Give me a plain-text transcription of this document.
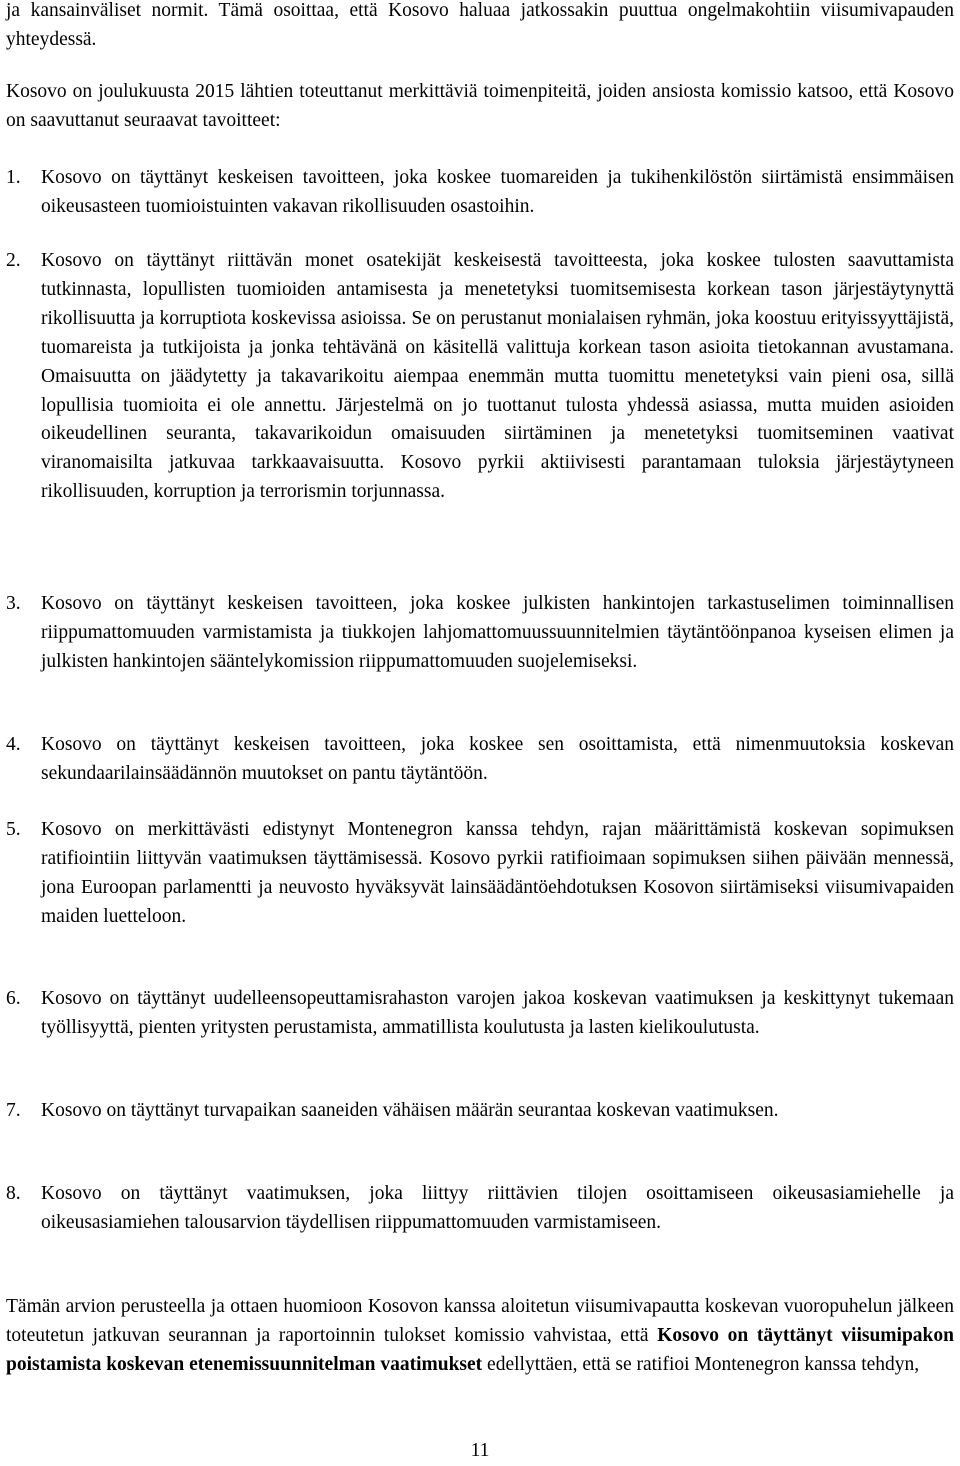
ja kansainväliset normit. Tämä osoittaa, että Kosovo haluaa jatkossakin puuttua ongelmakohtiin viisumivapauden yhteydessä.

Kosovo on joulukuusta 2015 lähtien toteuttanut merkittäviä toimenpiteitä, joiden ansiosta komissio katsoo, että Kosovo on saavuttanut seuraavat tavoitteet:

1.	Kosovo on täyttänyt keskeisen tavoitteen, joka koskee tuomareiden ja tukihenkilöstön siirtämistä ensimmäisen oikeusasteen tuomioistuinten vakavan rikollisuuden osastoihin.
2.	Kosovo on täyttänyt riittävän monet osatekijät keskeisestä tavoitteesta, joka koskee tulosten saavuttamista tutkinnasta, lopullisten tuomioiden antamisesta ja menetetyksi tuomitsemisesta korkean tason järjestäytynyttä rikollisuutta ja korruptiota koskevissa asioissa. Se on perustanut monialaisen ryhmän, joka koostuu erityissyyttäjistä, tuomareista ja tutkijoista ja jonka tehtävänä on käsitellä valittuja korkean tason asioita tietokannan avustamana. Omaisuutta on jäädytetty ja takavarikoitu aiempaa enemmän mutta tuomittu menetetyksi vain pieni osa, sillä lopullisia tuomioita ei ole annettu. Järjestelmä on jo tuottanut tulosta yhdessä asiassa, mutta muiden asioiden oikeudellinen seuranta, takavarikoidun omaisuuden siirtäminen ja menetetyksi tuomitseminen vaativat viranomaisilta jatkuvaa tarkkaavaisuutta. Kosovo pyrkii aktiivisesti parantamaan tuloksia järjestäytyneen rikollisuuden, korruption ja terrorismin torjunnassa.
3.	Kosovo on täyttänyt keskeisen tavoitteen, joka koskee julkisten hankintojen tarkastuselimen toiminnallisen riippumattomuuden varmistamista ja tiukkojen lahjomattomuussuunnitelmien täytäntöönpanoa kyseisen elimen ja julkisten hankintojen sääntelykomission riippumattomuuden suojelemiseksi.
4.	Kosovo on täyttänyt keskeisen tavoitteen, joka koskee sen osoittamista, että nimenmuutoksia koskevan sekundaarilainsäädännön muutokset on pantu täytäntöön.
5.	Kosovo on merkittävästi edistynyt Montenegron kanssa tehdyn, rajan määrittämistä koskevan sopimuksen ratifiointiin liittyvän vaatimuksen täyttämisessä. Kosovo pyrkii ratifioimaan sopimuksen siihen päivään mennessä, jona Euroopan parlamentti ja neuvosto hyväksyvät lainsäädäntöehdotuksen Kosovon siirtämiseksi viisumivapaiden maiden luetteloon.
6.	Kosovo on täyttänyt uudelleensopeuttamisrahaston varojen jakoa koskevan vaatimuksen ja keskittynyt tukemaan työllisyyttä, pienten yritysten perustamista, ammatillista koulutusta ja lasten kielikoulutusta.
7.	Kosovo on täyttänyt turvapaikan saaneiden vähäisen määrän seurantaa koskevan vaatimuksen.
8.	Kosovo on täyttänyt vaatimuksen, joka liittyy riittävien tilojen osoittamiseen oikeusasiamiehelle ja oikeusasiamiehen talousarvion täydellisen riippumattomuuden varmistamiseen.

Tämän arvion perusteella ja ottaen huomioon Kosovon kanssa aloitetun viisumivapautta koskevan vuoropuhelun jälkeen toteutetun jatkuvan seurannan ja raportoinnin tulokset komissio vahvistaa, että Kosovo on täyttänyt viisumipakon poistamista koskevan etenemissuunnitelman vaatimukset edellyttäen, että se ratifioi Montenegron kanssa tehdyn,

11
